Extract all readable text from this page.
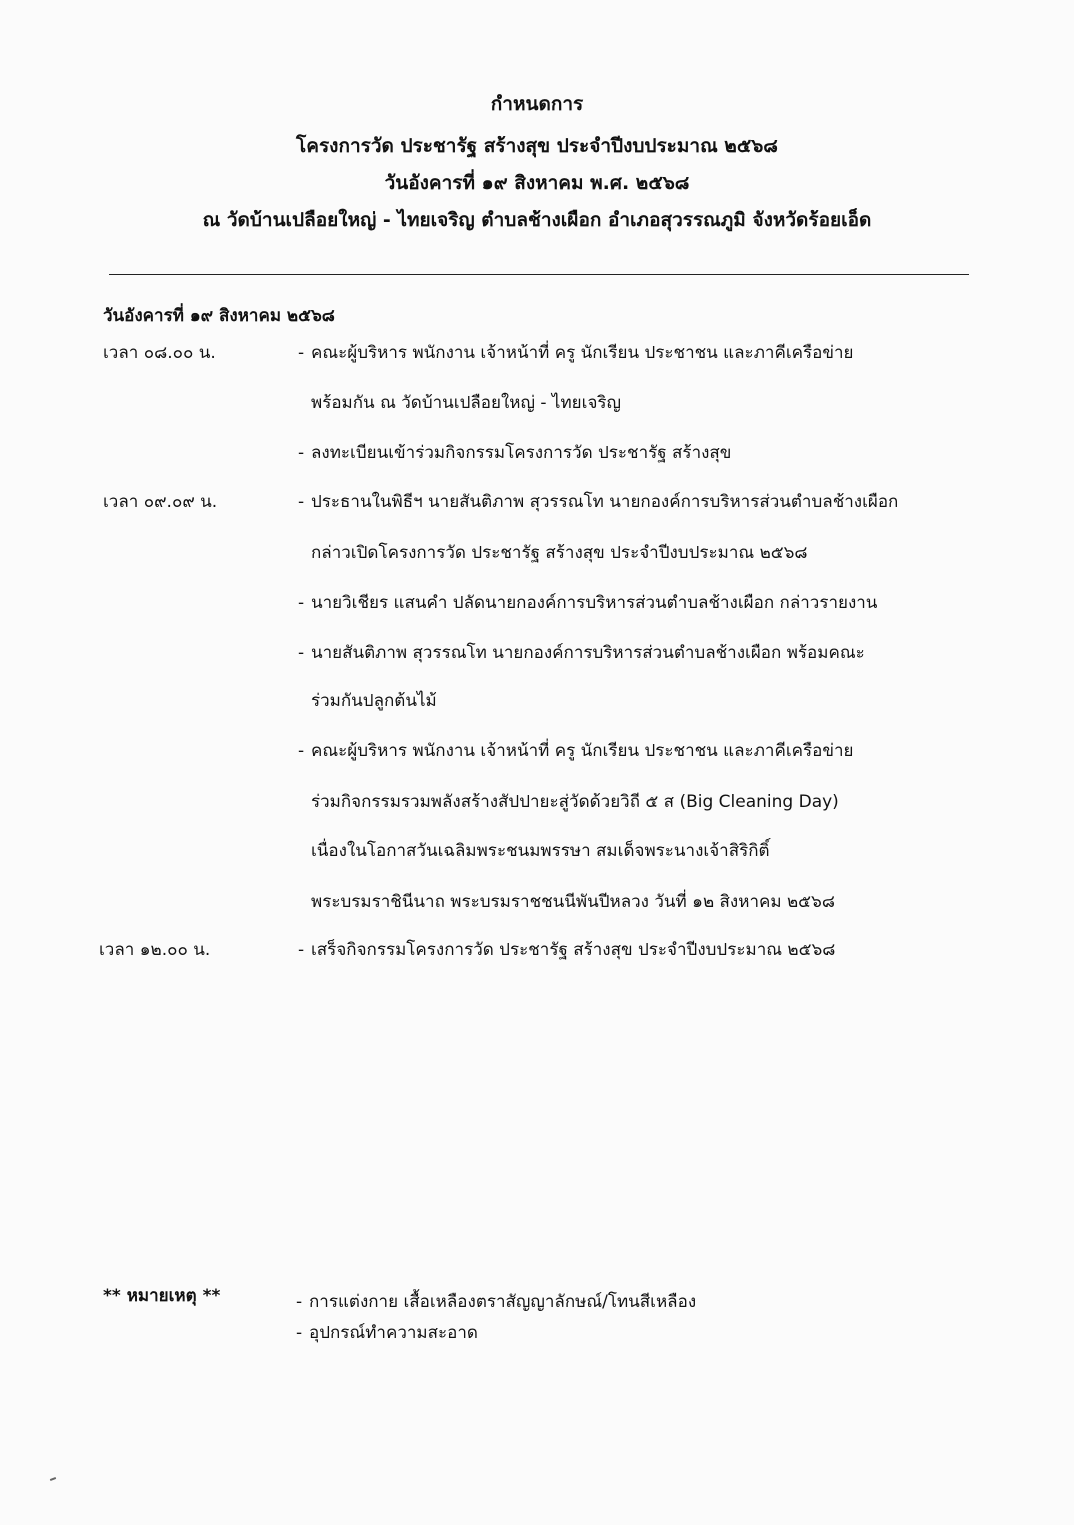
กำหนดการ
โครงการวัด ประชารัฐ สร้างสุข ประจำปีงบประมาณ ๒๕๖๘
วันอังคารที่ ๑๙ สิงหาคม พ.ศ. ๒๕๖๘
ณ วัดบ้านเปลือยใหญ่ - ไทยเจริญ ตำบลช้างเผือก อำเภอสุวรรณภูมิ จังหวัดร้อยเอ็ด
วันอังคารที่ ๑๙ สิงหาคม ๒๕๖๘
เวลา ๐๘.๐๐ น.	- คณะผู้บริหาร พนักงาน เจ้าหน้าที่ ครู นักเรียน ประชาชน และภาคีเครือข่าย
พร้อมกัน ณ วัดบ้านเปลือยใหญ่ - ไทยเจริญ
- ลงทะเบียนเข้าร่วมกิจกรรมโครงการวัด ประชารัฐ สร้างสุข
เวลา ๐๙.๐๙ น.	- ประธานในพิธีฯ นายสันติภาพ สุวรรณโท นายกองค์การบริหารส่วนตำบลช้างเผือก
กล่าวเปิดโครงการวัด ประชารัฐ สร้างสุข ประจำปีงบประมาณ ๒๕๖๘
- นายวิเชียร แสนคำ ปลัดนายกองค์การบริหารส่วนตำบลช้างเผือก กล่าวรายงาน
- นายสันติภาพ สุวรรณโท นายกองค์การบริหารส่วนตำบลช้างเผือก พร้อมคณะ
ร่วมกันปลูกต้นไม้
- คณะผู้บริหาร พนักงาน เจ้าหน้าที่ ครู นักเรียน ประชาชน และภาคีเครือข่าย
ร่วมกิจกรรมรวมพลังสร้างสัปปายะสู่วัดด้วยวิถี ๕ ส (Big Cleaning Day)
เนื่องในโอกาสวันเฉลิมพระชนมพรรษา สมเด็จพระนางเจ้าสิริกิติ์
พระบรมราชินีนาถ พระบรมราชชนนีพันปีหลวง วันที่ ๑๒ สิงหาคม ๒๕๖๘
เวลา ๑๒.๐๐ น.	- เสร็จกิจกรรมโครงการวัด ประชารัฐ สร้างสุข ประจำปีงบประมาณ ๒๕๖๘
** หมายเหตุ **	- การแต่งกาย เสื้อเหลืองตราสัญญาลักษณ์/โทนสีเหลือง
- อุปกรณ์ทำความสะอาด
